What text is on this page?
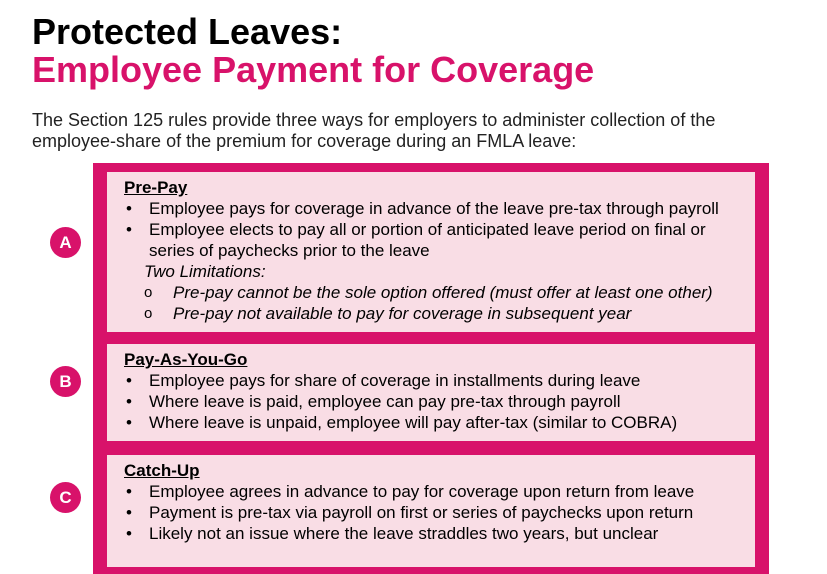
Protected Leaves:
Employee Payment for Coverage
The Section 125 rules provide three ways for employers to administer collection of the employee-share of the premium for coverage during an FMLA leave:
A
Pre-Pay
• Employee pays for coverage in advance of the leave pre-tax through payroll
• Employee elects to pay all or portion of anticipated leave period on final or series of paychecks prior to the leave
Two Limitations:
o Pre-pay cannot be the sole option offered (must offer at least one other)
o Pre-pay not available to pay for coverage in subsequent year
B
Pay-As-You-Go
• Employee pays for share of coverage in installments during leave
• Where leave is paid, employee can pay pre-tax through payroll
• Where leave is unpaid, employee will pay after-tax (similar to COBRA)
C
Catch-Up
• Employee agrees in advance to pay for coverage upon return from leave
• Payment is pre-tax via payroll on first or series of paychecks upon return
• Likely not an issue where the leave straddles two years, but unclear
